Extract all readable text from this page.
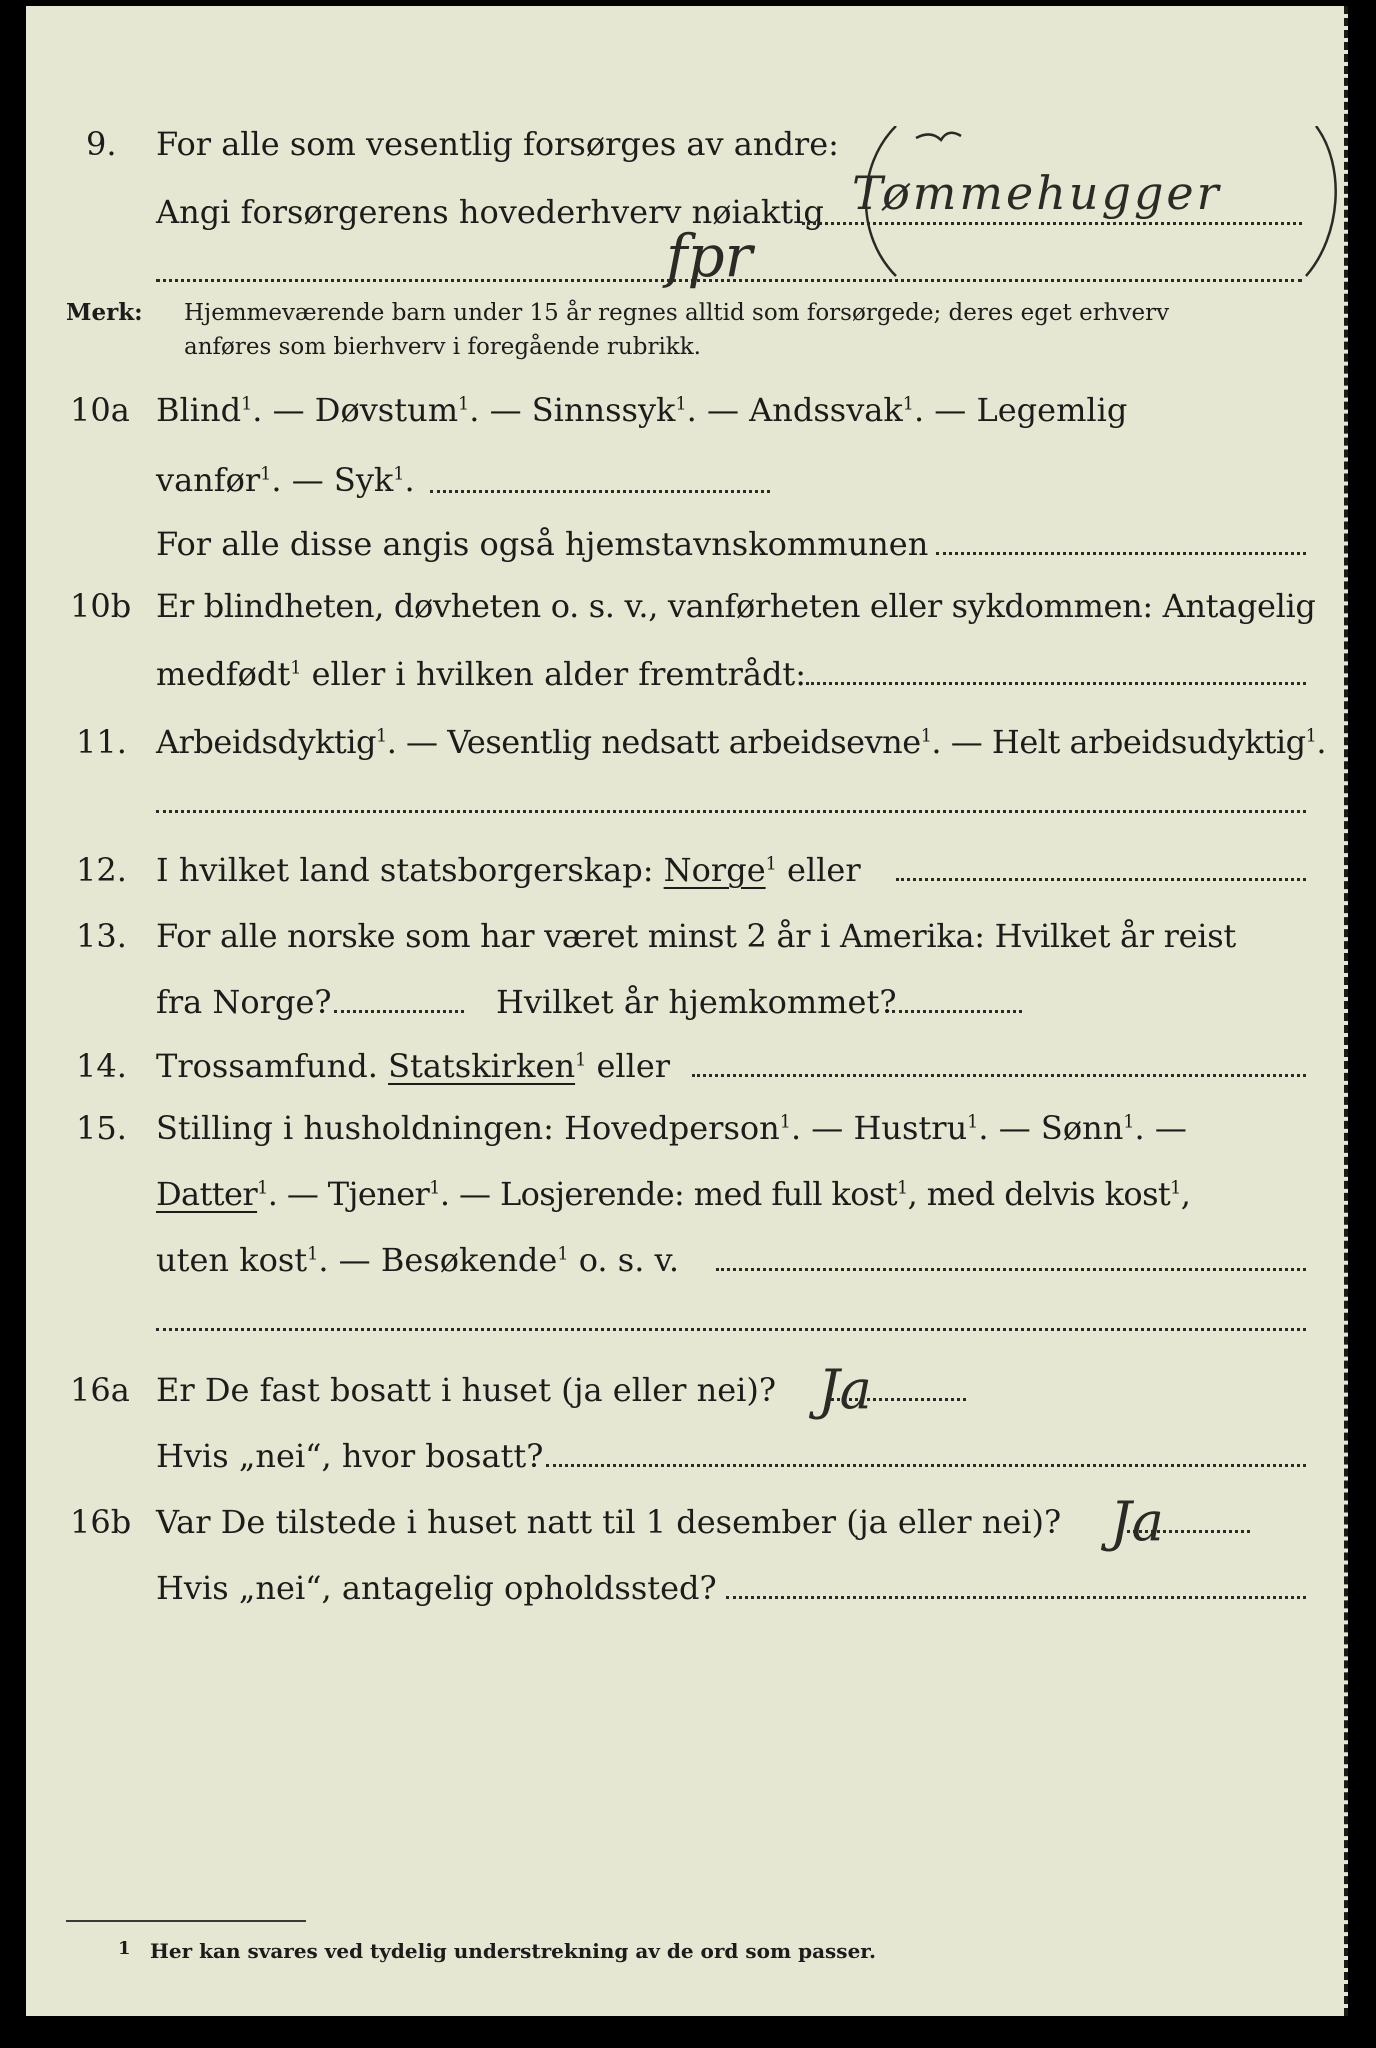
9. For alle som vesentlig forsørges av andre:
Angi forsørgerens hovederhverv nøiaktig Tømmehugger
fpr
Merk: Hjemmeværende barn under 15 år regnes alltid som forsørgede; deres eget erhverv
anføres som bierhverv i foregående rubrikk.
10a Blind$^1$. — Døvstum$^1$. — Sinnssyk$^1$. — Andssvak$^1$. — Legemlig
vanfør$^1$. — Syk$^1$.
For alle disse angis også hjemstavnskommunen
10b Er blindheten, døvheten o. s. v., vanførheten eller sykdommen: Antagelig
medfødt$^1$ eller i hvilken alder fremtrådt:
11. Arbeidsdyktig$^1$. — Vesentlig nedsatt arbeidsevne$^1$. — Helt arbeidsudyktig$^1$.
12. I hvilket land statsborgerskap: Norge$^1$ eller
13. For alle norske som har været minst 2 år i Amerika: Hvilket år reist
fra Norge?	Hvilket år hjemkommet?
14. Trossamfund. Statskirken$^1$ eller
15. Stilling i husholdningen: Hovedperson$^1$. — Hustru$^1$. — Sønn$^1$. —
Datter$^1$. — Tjener$^1$. — Losjerende: med full kost$^1$, med delvis kost$^1$,
uten kost$^1$. — Besøkende$^1$ o. s. v.
16a Er De fast bosatt i huset (ja eller nei)? Ja
Hvis „nei“, hvor bosatt?
16b Var De tilstede i huset natt til 1 desember (ja eller nei)? Ja
Hvis „nei“, antagelig opholdssted?
1 Her kan svares ved tydelig understrekning av de ord som passer.
